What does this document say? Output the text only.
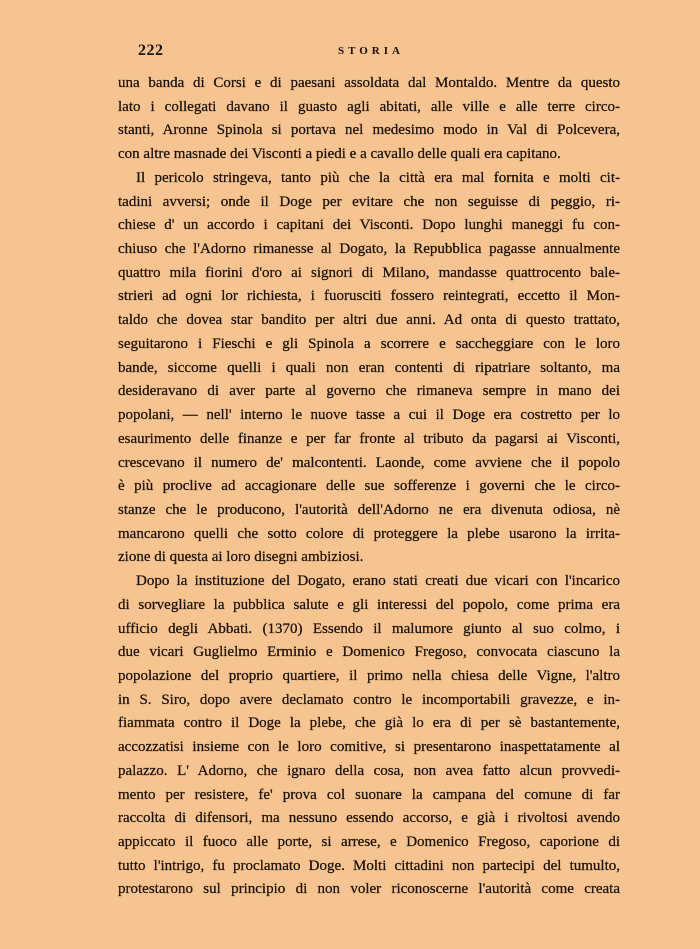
222	STORIA
una banda di Corsi e di paesani assoldata dal Montaldo. Mentre da questo
lato i collegati davano il guasto agli abitati, alle ville e alle terre circo-
stanti, Aronne Spinola si portava nel medesimo modo in Val di Polcevera,
con altre masnade dei Visconti a piedi e a cavallo delle quali era capitano.
Il pericolo stringeva, tanto più che la città era mal fornita e molti cit-
tadini avversi; onde il Doge per evitare che non seguisse di peggio, ri-
chiese d' un accordo i capitani dei Visconti. Dopo lunghi maneggi fu con-
chiuso che l'Adorno rimanesse al Dogato, la Repubblica pagasse annualmente
quattro mila fiorini d'oro ai signori di Milano, mandasse quattrocento bale-
strieri ad ogni lor richiesta, i fuorusciti fossero reintegrati, eccetto il Mon-
taldo che dovea star bandito per altri due anni. Ad onta di questo trattato,
seguitarono i Fieschi e gli Spinola a scorrere e saccheggiare con le loro
bande, siccome quelli i quali non eran contenti di ripatriare soltanto, ma
desideravano di aver parte al governo che rimaneva sempre in mano dei
popolani, — nell' interno le nuove tasse a cui il Doge era costretto per lo
esaurimento delle finanze e per far fronte al tributo da pagarsi ai Visconti,
crescevano il numero de' malcontenti. Laonde, come avviene che il popolo
è più proclive ad accagionare delle sue sofferenze i governi che le circo-
stanze che le producono, l'autorità dell'Adorno ne era divenuta odiosa, nè
mancarono quelli che sotto colore di proteggere la plebe usarono la irrita-
zione di questa ai loro disegni ambiziosi.
Dopo la instituzione del Dogato, erano stati creati due vicari con l'incarico
di sorvegliare la pubblica salute e gli interessi del popolo, come prima era
ufficio degli Abbati. (1370) Essendo il malumore giunto al suo colmo, i
due vicari Guglielmo Erminio e Domenico Fregoso, convocata ciascuno la
popolazione del proprio quartiere, il primo nella chiesa delle Vigne, l'altro
in S. Siro, dopo avere declamato contro le incomportabili gravezze, e in-
fiammata contro il Doge la plebe, che già lo era di per sè bastantemente,
accozzatisi insieme con le loro comitive, si presentarono inaspettatamente al
palazzo. L' Adorno, che ignaro della cosa, non avea fatto alcun provvedi-
mento per resistere, fe' prova col suonare la campana del comune di far
raccolta di difensori, ma nessuno essendo accorso, e già i rivoltosi avendo
appiccato il fuoco alle porte, si arrese, e Domenico Fregoso, caporione di
tutto l'intrigo, fu proclamato Doge. Molti cittadini non partecipi del tumulto,
protestarono sul principio di non voler riconoscerne l'autorità come creata
